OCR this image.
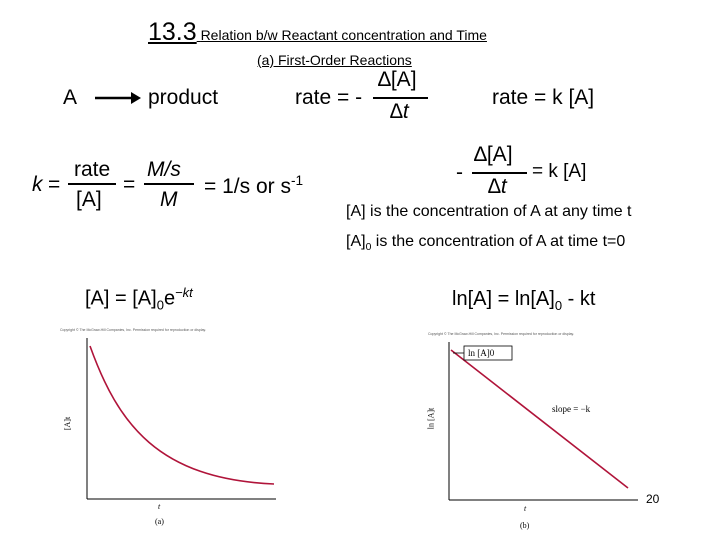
13.3 Relation b/w Reactant concentration and Time
(a) First-Order Reactions
A → product	rate = -
∆[A]
∆t
rate = k [A]
k =
rate
[A]
=
M/s
M
= 1/s or $s^{-1}$	-
∆[A]
∆t
= k [A]
[A] is the concentration of A at any time t
$[A]_0$ is the concentration of A at time t=0
$[A] = [A]_0e^{-kt}$	$\ln[A] = \ln[A]_0$ - kt
Copyright © The McGraw-Hill Companies, Inc. Permission required for reproduction or display.
[A]t
t
(a)
Copyright © The McGraw-Hill Companies, Inc. Permission required for reproduction or display.
ln [A]0
slope = −k
ln [A]t
t
(b)
20
